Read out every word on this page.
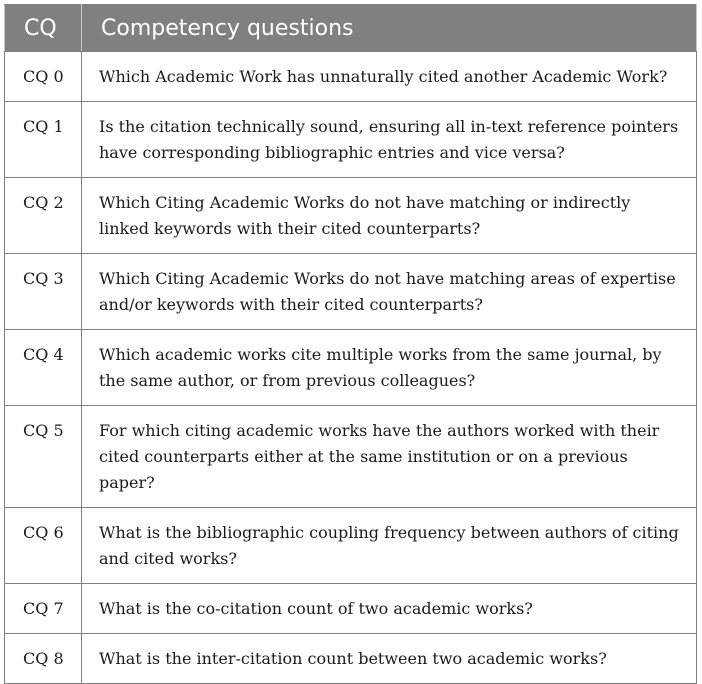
CQ	Competency questions
CQ 0	Which Academic Work has unnaturally cited another Academic Work?
CQ 1	Is the citation technically sound, ensuring all in-text reference pointers have corresponding bibliographic entries and vice versa?
CQ 2	Which Citing Academic Works do not have matching or indirectly linked keywords with their cited counterparts?
CQ 3	Which Citing Academic Works do not have matching areas of expertise and/or keywords with their cited counterparts?
CQ 4	Which academic works cite multiple works from the same journal, by the same author, or from previous colleagues?
CQ 5	For which citing academic works have the authors worked with their cited counterparts either at the same institution or on a previous paper?
CQ 6	What is the bibliographic coupling frequency between authors of citing and cited works?
CQ 7	What is the co-citation count of two academic works?
CQ 8	What is the inter-citation count between two academic works?
